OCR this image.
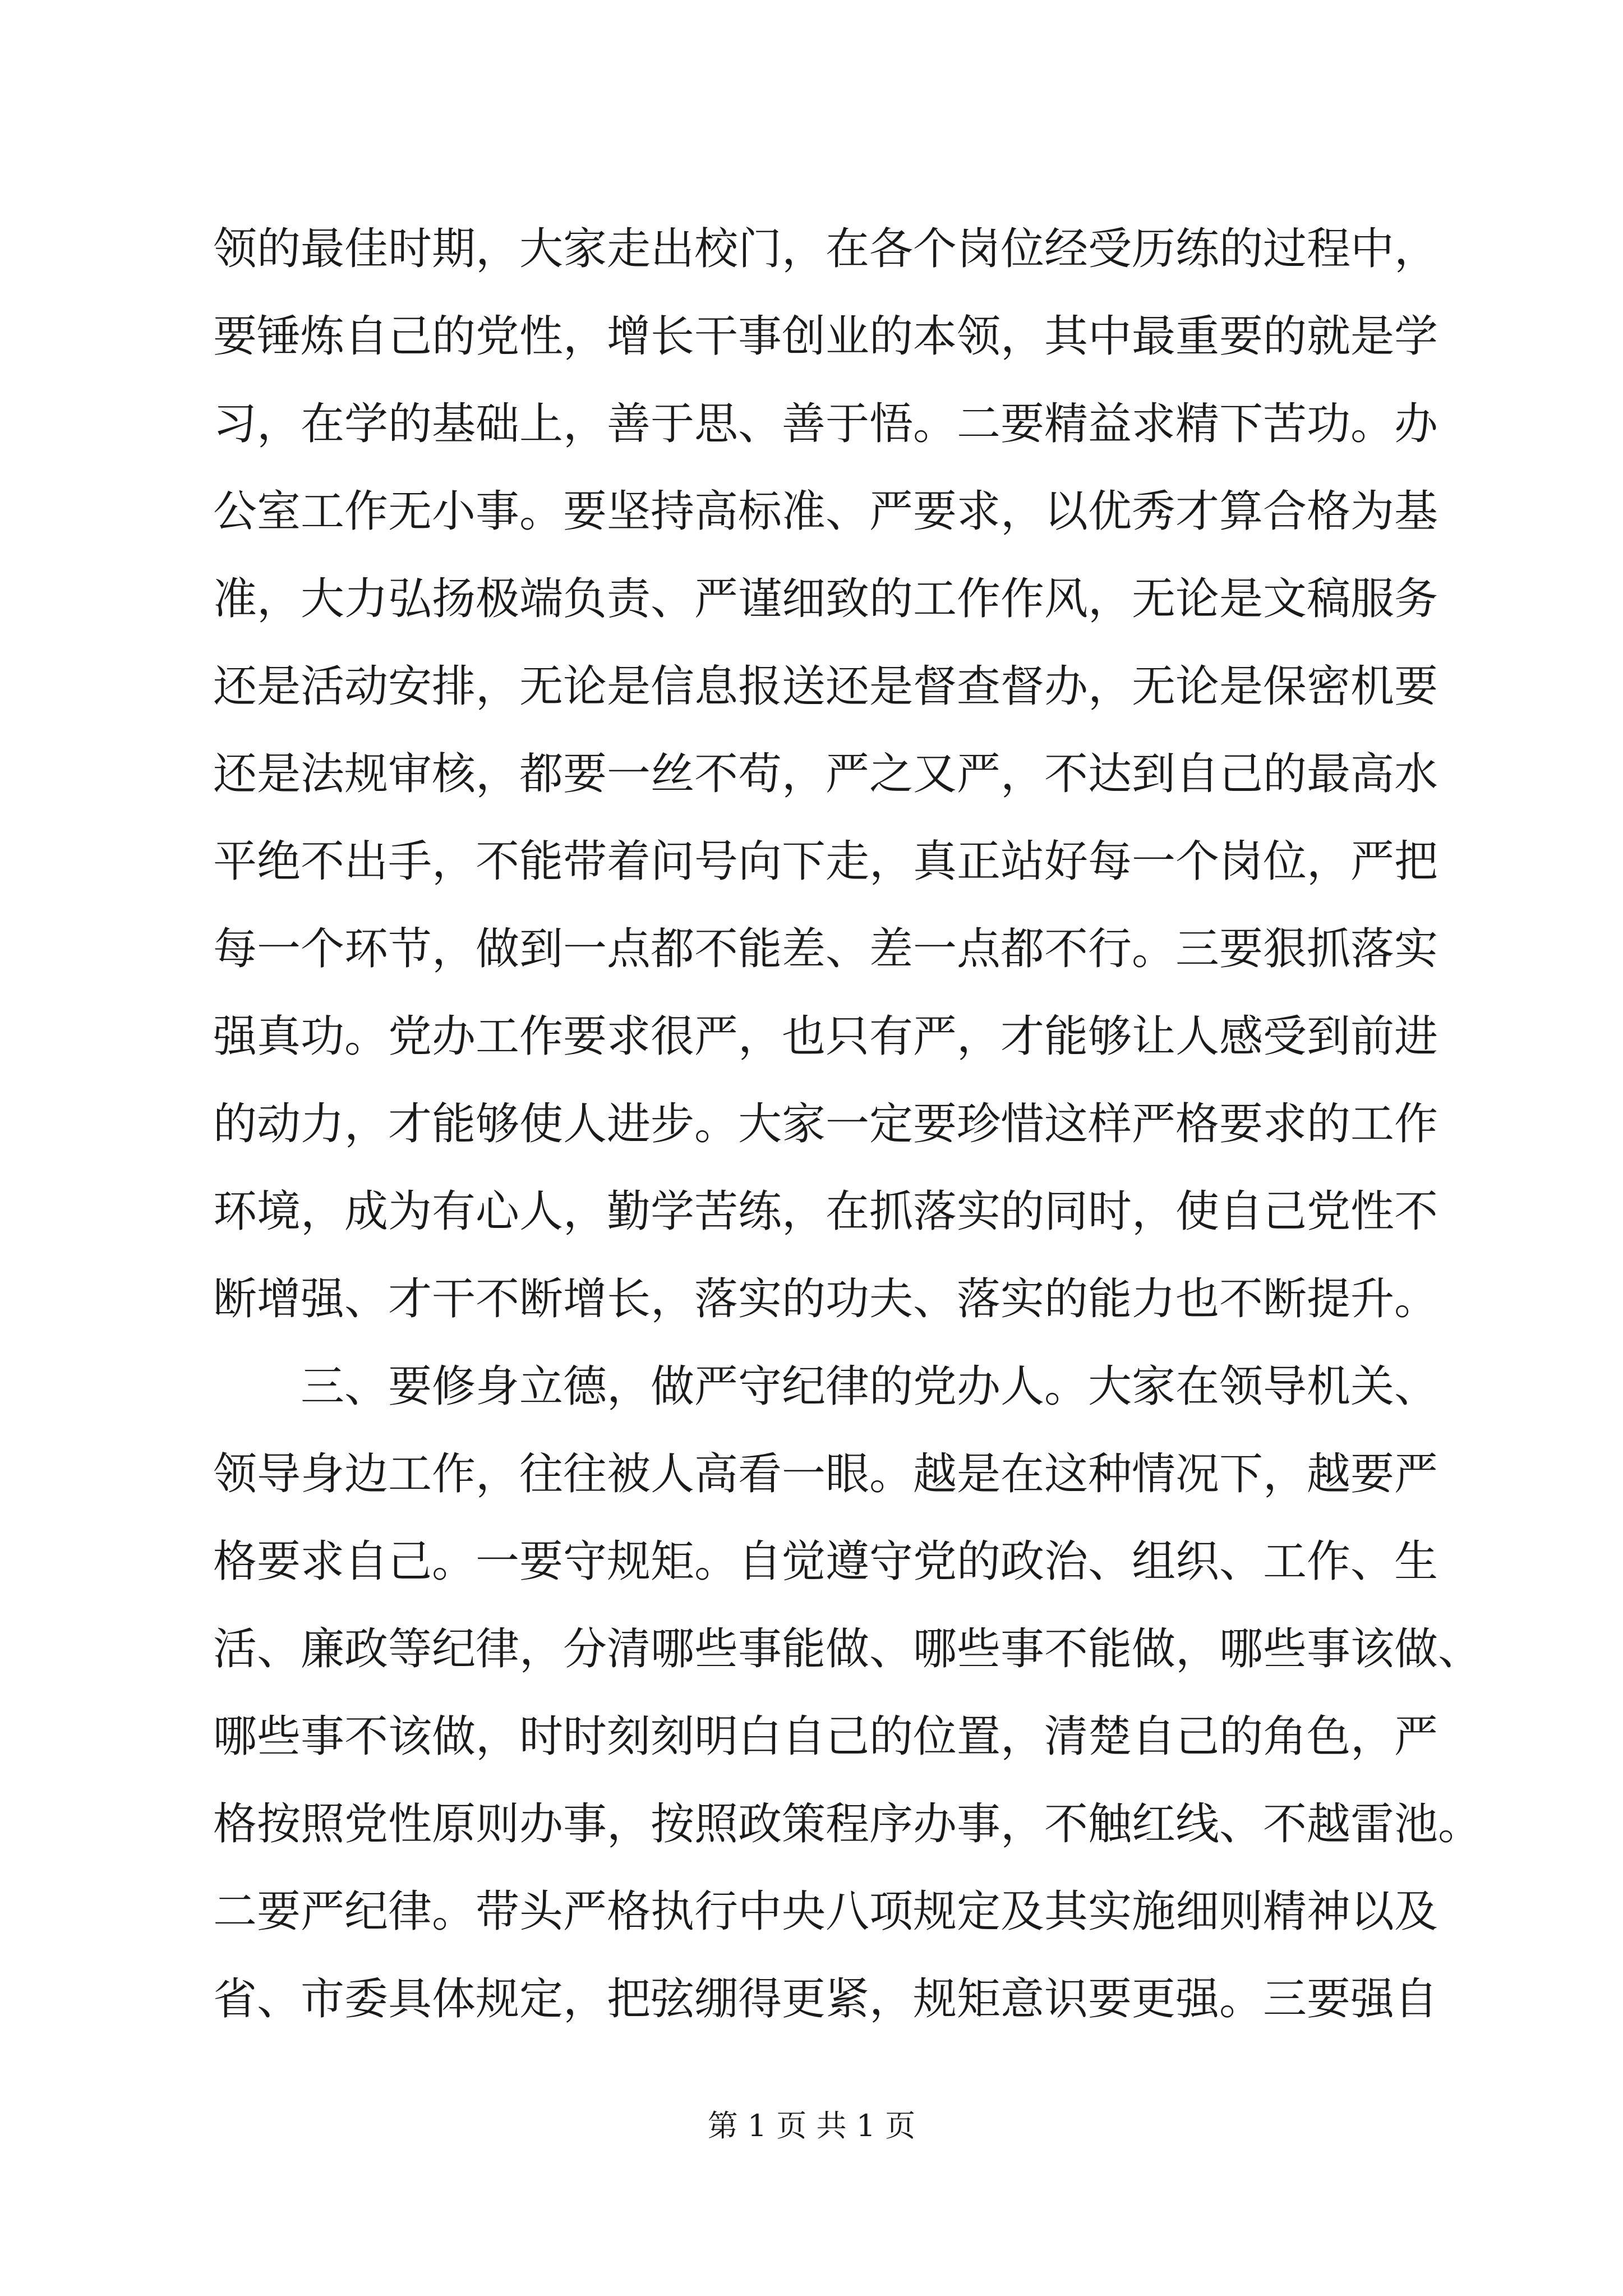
领的最佳时期，大家走出校门，在各个岗位经受历练的过程中，
要锤炼自己的党性，增长干事创业的本领，其中最重要的就是学
习，在学的基础上，善于思、善于悟。二要精益求精下苦功。办
公室工作无小事。要坚持高标准、严要求，以优秀才算合格为基
准，大力弘扬极端负责、严谨细致的工作作风，无论是文稿服务
还是活动安排，无论是信息报送还是督查督办，无论是保密机要
还是法规审核，都要一丝不苟，严之又严，不达到自己的最高水
平绝不出手，不能带着问号向下走，真正站好每一个岗位，严把
每一个环节，做到一点都不能差、差一点都不行。三要狠抓落实
强真功。党办工作要求很严，也只有严，才能够让人感受到前进
的动力，才能够使人进步。大家一定要珍惜这样严格要求的工作
环境，成为有心人，勤学苦练，在抓落实的同时，使自己党性不
断增强、才干不断增长，落实的功夫、落实的能力也不断提升。
三、要修身立德，做严守纪律的党办人。大家在领导机关、
领导身边工作，往往被人高看一眼。越是在这种情况下，越要严
格要求自己。一要守规矩。自觉遵守党的政治、组织、工作、生
活、廉政等纪律，分清哪些事能做、哪些事不能做，哪些事该做、
哪些事不该做，时时刻刻明白自己的位置，清楚自己的角色，严
格按照党性原则办事，按照政策程序办事，不触红线、不越雷池。
二要严纪律。带头严格执行中央八项规定及其实施细则精神以及
省、市委具体规定，把弦绷得更紧，规矩意识要更强。三要强自
第 1 页 共 1 页
